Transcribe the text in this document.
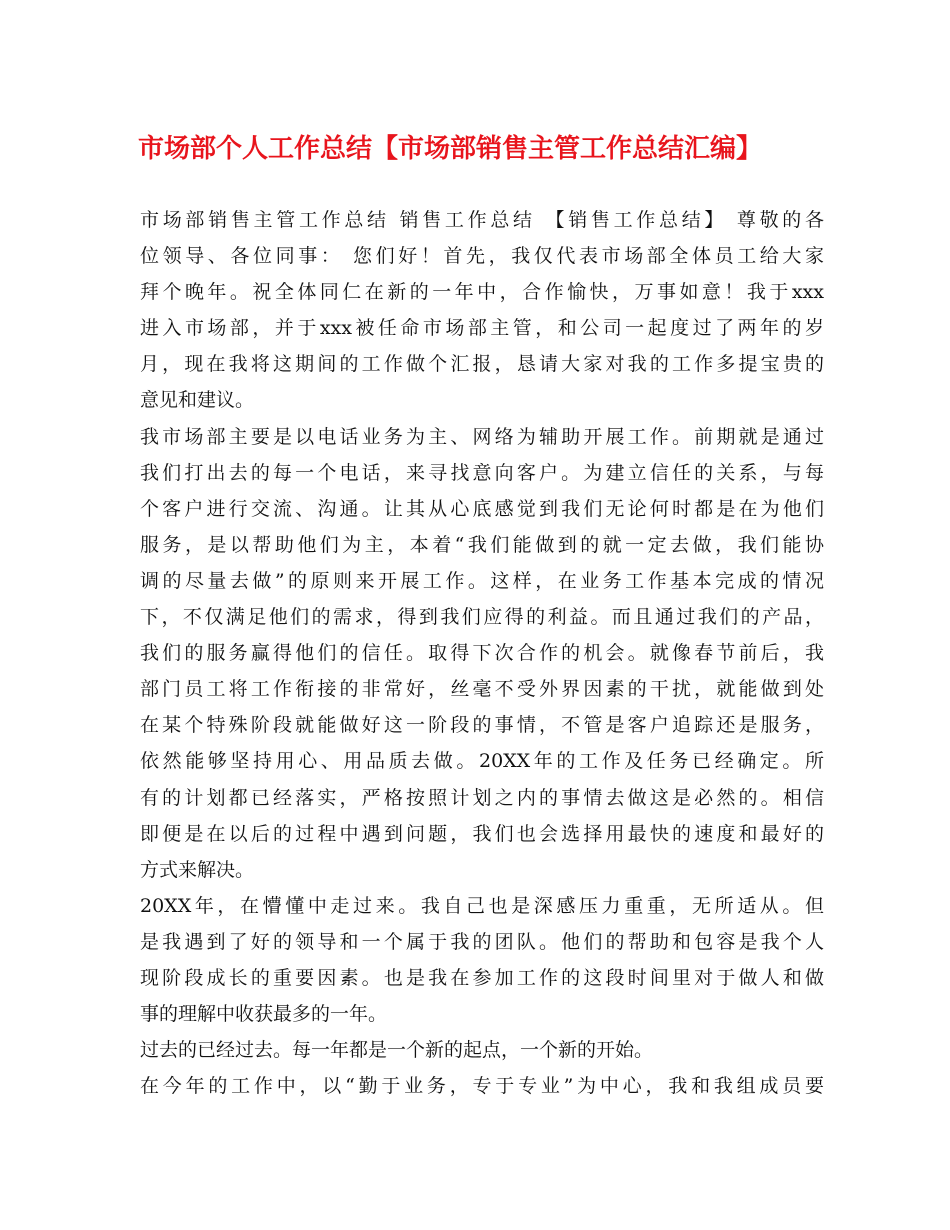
市场部个人工作总结【市场部销售主管工作总结汇编】
市场部销售主管工作总结 销售工作总结 【销售工作总结】 尊敬的各
位领导、各位同事： 您们好！首先，我仅代表市场部全体员工给大家
拜个晚年。祝全体同仁在新的一年中，合作愉快，万事如意！我于xxx
进入市场部，并于xxx被任命市场部主管，和公司一起度过了两年的岁
月，现在我将这期间的工作做个汇报，恳请大家对我的工作多提宝贵的
意见和建议。
我市场部主要是以电话业务为主、网络为辅助开展工作。前期就是通过
我们打出去的每一个电话，来寻找意向客户。为建立信任的关系，与每
个客户进行交流、沟通。让其从心底感觉到我们无论何时都是在为他们
服务，是以帮助他们为主，本着“我们能做到的就一定去做，我们能协
调的尽量去做”的原则来开展工作。这样，在业务工作基本完成的情况
下，不仅满足他们的需求，得到我们应得的利益。而且通过我们的产品，
我们的服务赢得他们的信任。取得下次合作的机会。就像春节前后，我
部门员工将工作衔接的非常好，丝毫不受外界因素的干扰，就能做到处
在某个特殊阶段就能做好这一阶段的事情，不管是客户追踪还是服务，
依然能够坚持用心、用品质去做。20XX年的工作及任务已经确定。所
有的计划都已经落实，严格按照计划之内的事情去做这是必然的。相信
即便是在以后的过程中遇到问题，我们也会选择用最快的速度和最好的
方式来解决。
20XX年，在懵懂中走过来。我自己也是深感压力重重，无所适从。但
是我遇到了好的领导和一个属于我的团队。他们的帮助和包容是我个人
现阶段成长的重要因素。也是我在参加工作的这段时间里对于做人和做
事的理解中收获最多的一年。
过去的已经过去。每一年都是一个新的起点，一个新的开始。
在今年的工作中，以“勤于业务，专于专业”为中心，我和我组成员要
